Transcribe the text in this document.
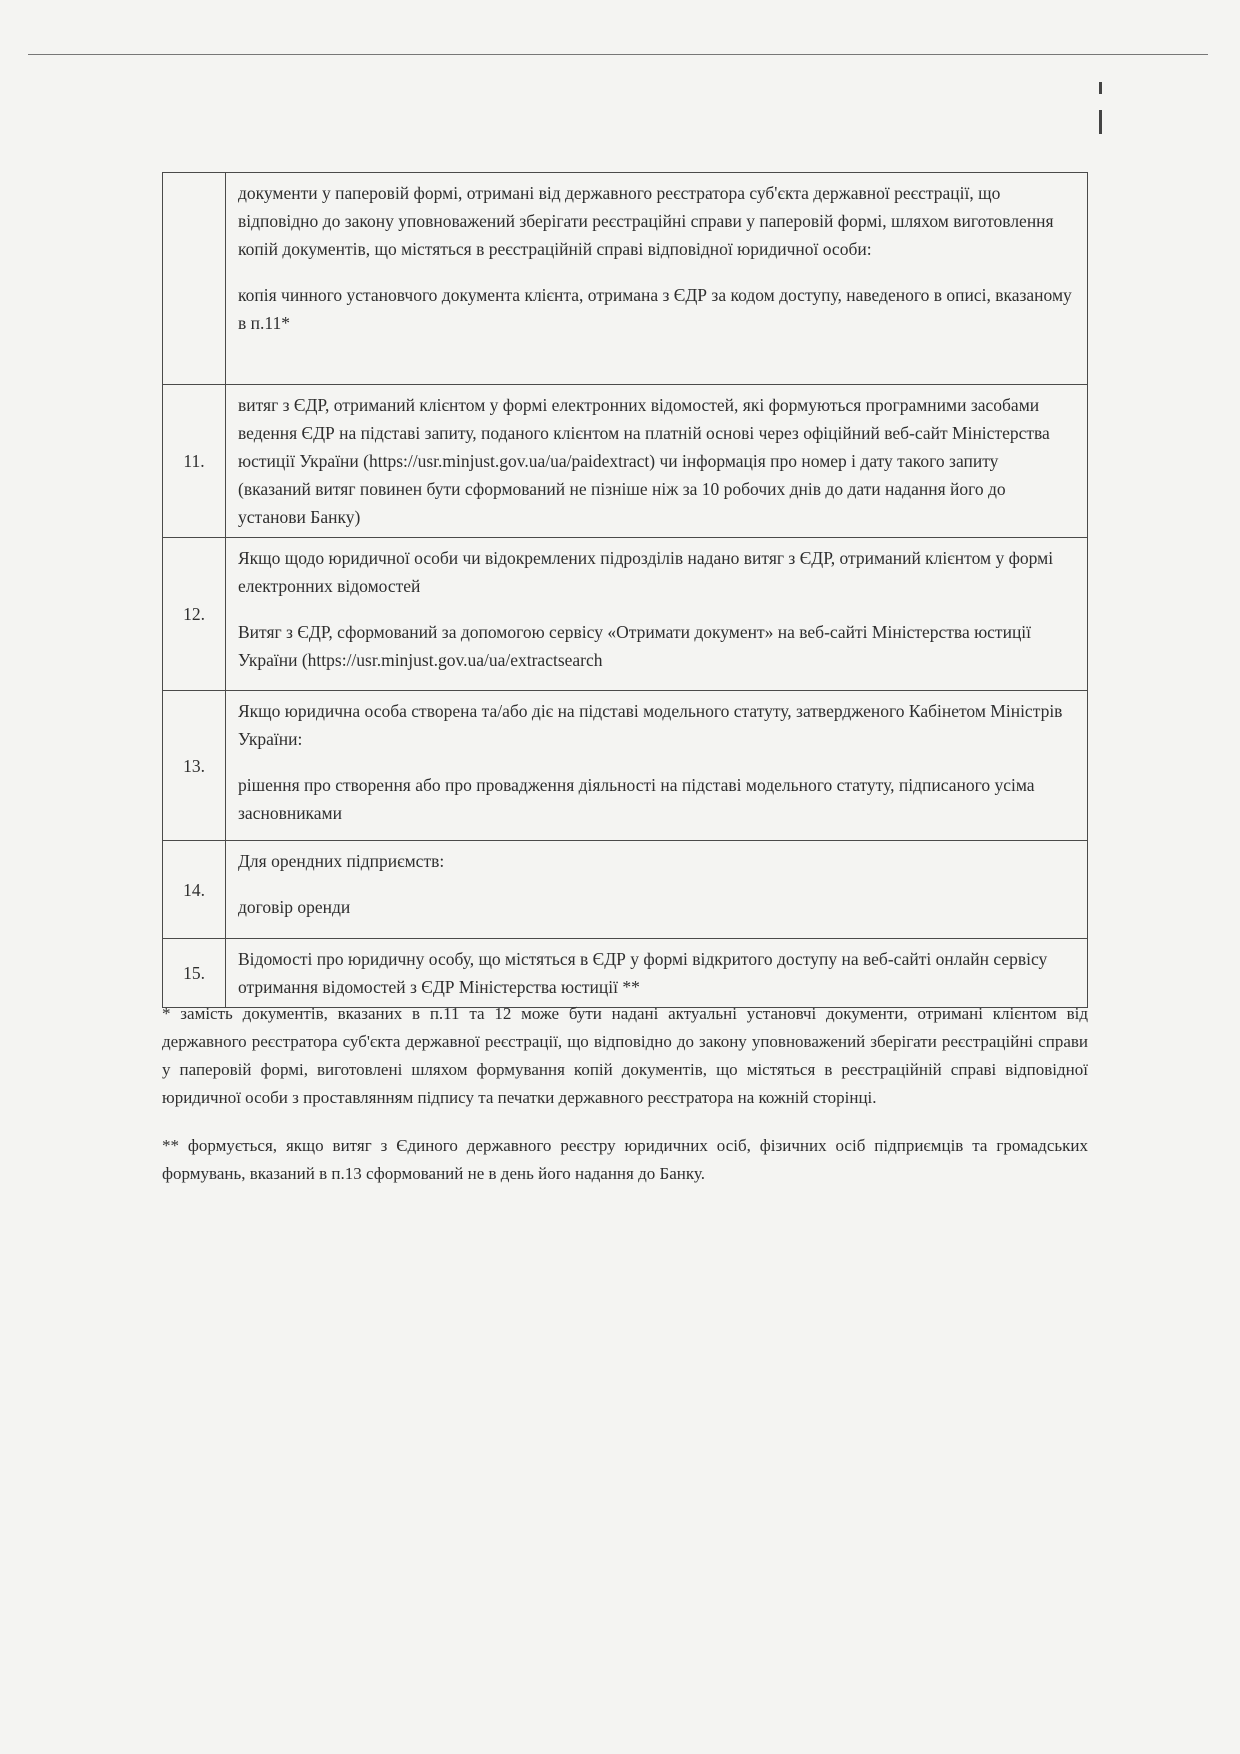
	документи у паперовій формі, отримані від державного реєстратора суб'єкта державної реєстрації, що відповідно до закону уповноважений зберігати реєстраційні справи у паперовій формі, шляхом виготовлення копій документів, що містяться в реєстраційній справі відповідної юридичної особи:

копія чинного установчого документа клієнта, отримана з ЄДР за кодом доступу, наведеного в описі, вказаному в п.11*

11.	витяг з ЄДР, отриманий клієнтом у формі електронних відомостей, які формуються програмними засобами ведення ЄДР на підставі запиту, поданого клієнтом на платній основі через офіційний веб-сайт Міністерства юстиції України (https://usr.minjust.gov.ua/ua/paidextract) чи інформація про номер і дату такого запиту (вказаний витяг повинен бути сформований не пізніше ніж за 10 робочих днів до дати надання його до установи Банку)

12.	Якщо щодо юридичної особи чи відокремлених підрозділів надано витяг з ЄДР, отриманий клієнтом у формі електронних відомостей

Витяг з ЄДР, сформований за допомогою сервісу «Отримати документ» на веб-сайті Міністерства юстиції України (https://usr.minjust.gov.ua/ua/extractsearch

13.	Якщо юридична особа створена та/або діє на підставі модельного статуту, затвердженого Кабінетом Міністрів України:

рішення про створення або про провадження діяльності на підставі модельного статуту, підписаного усіма засновниками

14.	Для орендних підприємств:

договір оренди

15.	Відомості про юридичну особу, що містяться в ЄДР у формі відкритого доступу на веб-сайті онлайн сервісу отримання відомостей з ЄДР Міністерства юстиції **

* замість документів, вказаних в п.11 та 12 може бути надані актуальні установчі документи, отримані клієнтом від державного реєстратора суб'єкта державної реєстрації, що відповідно до закону уповноважений зберігати реєстраційні справи у паперовій формі, виготовлені шляхом формування копій документів, що містяться в реєстраційній справі відповідної юридичної особи з проставлянням підпису та печатки державного реєстратора на кожній сторінці.

** формується, якщо витяг з Єдиного державного реєстру юридичних осіб, фізичних осіб підприємців та громадських формувань, вказаний в п.13 сформований не в день його надання до Банку.
